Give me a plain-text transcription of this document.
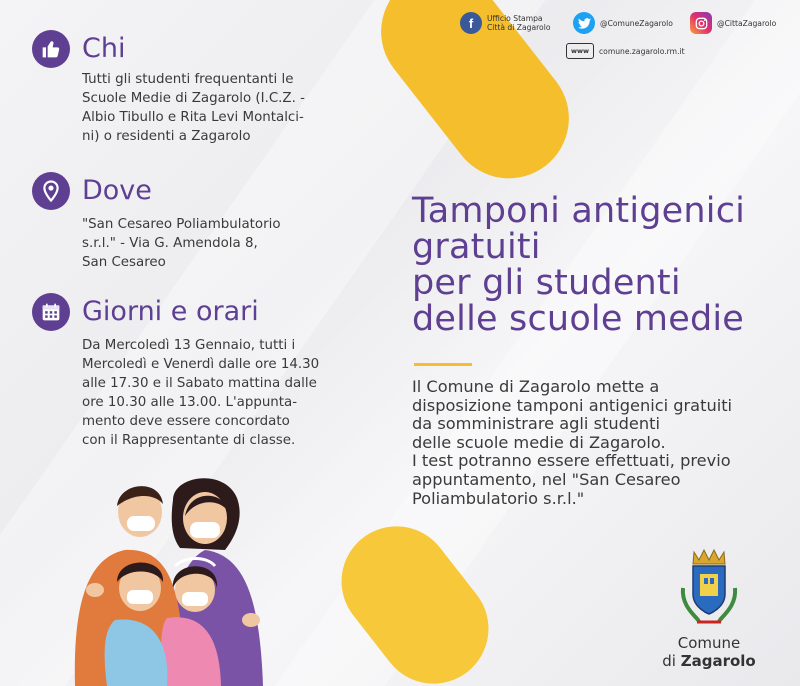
f	Ufficio Stampa
Città di Zagarolo	@ComuneZagarolo	@CittaZagarolo
www	comune.zagarolo.rm.it
Chi

Tutti gli studenti frequentanti le
Scuole Medie di Zagarolo (I.C.Z. -
Albio Tibullo e Rita Levi Montalci-
ni) o residenti a Zagarolo

Dove

"San Cesareo Poliambulatorio
s.r.l." - Via G. Amendola 8,
San Cesareo

Giorni e orari

Da Mercoledì 13 Gennaio, tutti i
Mercoledì e Venerdì dalle ore 14.30
alle 17.30 e il Sabato mattina dalle
ore 10.30 alle 13.00. L'appunta-
mento deve essere concordato
con il Rappresentante di classe.

Tamponi antigenici
gratuiti
per gli studenti
delle scuole medie

Il Comune di Zagarolo mette a
disposizione tamponi antigenici gratuiti
da somministrare agli studenti
delle scuole medie di Zagarolo.
I test potranno essere effettuati, previo
appuntamento, nel "San Cesareo
Poliambulatorio s.r.l."

Comune
di Zagarolo
